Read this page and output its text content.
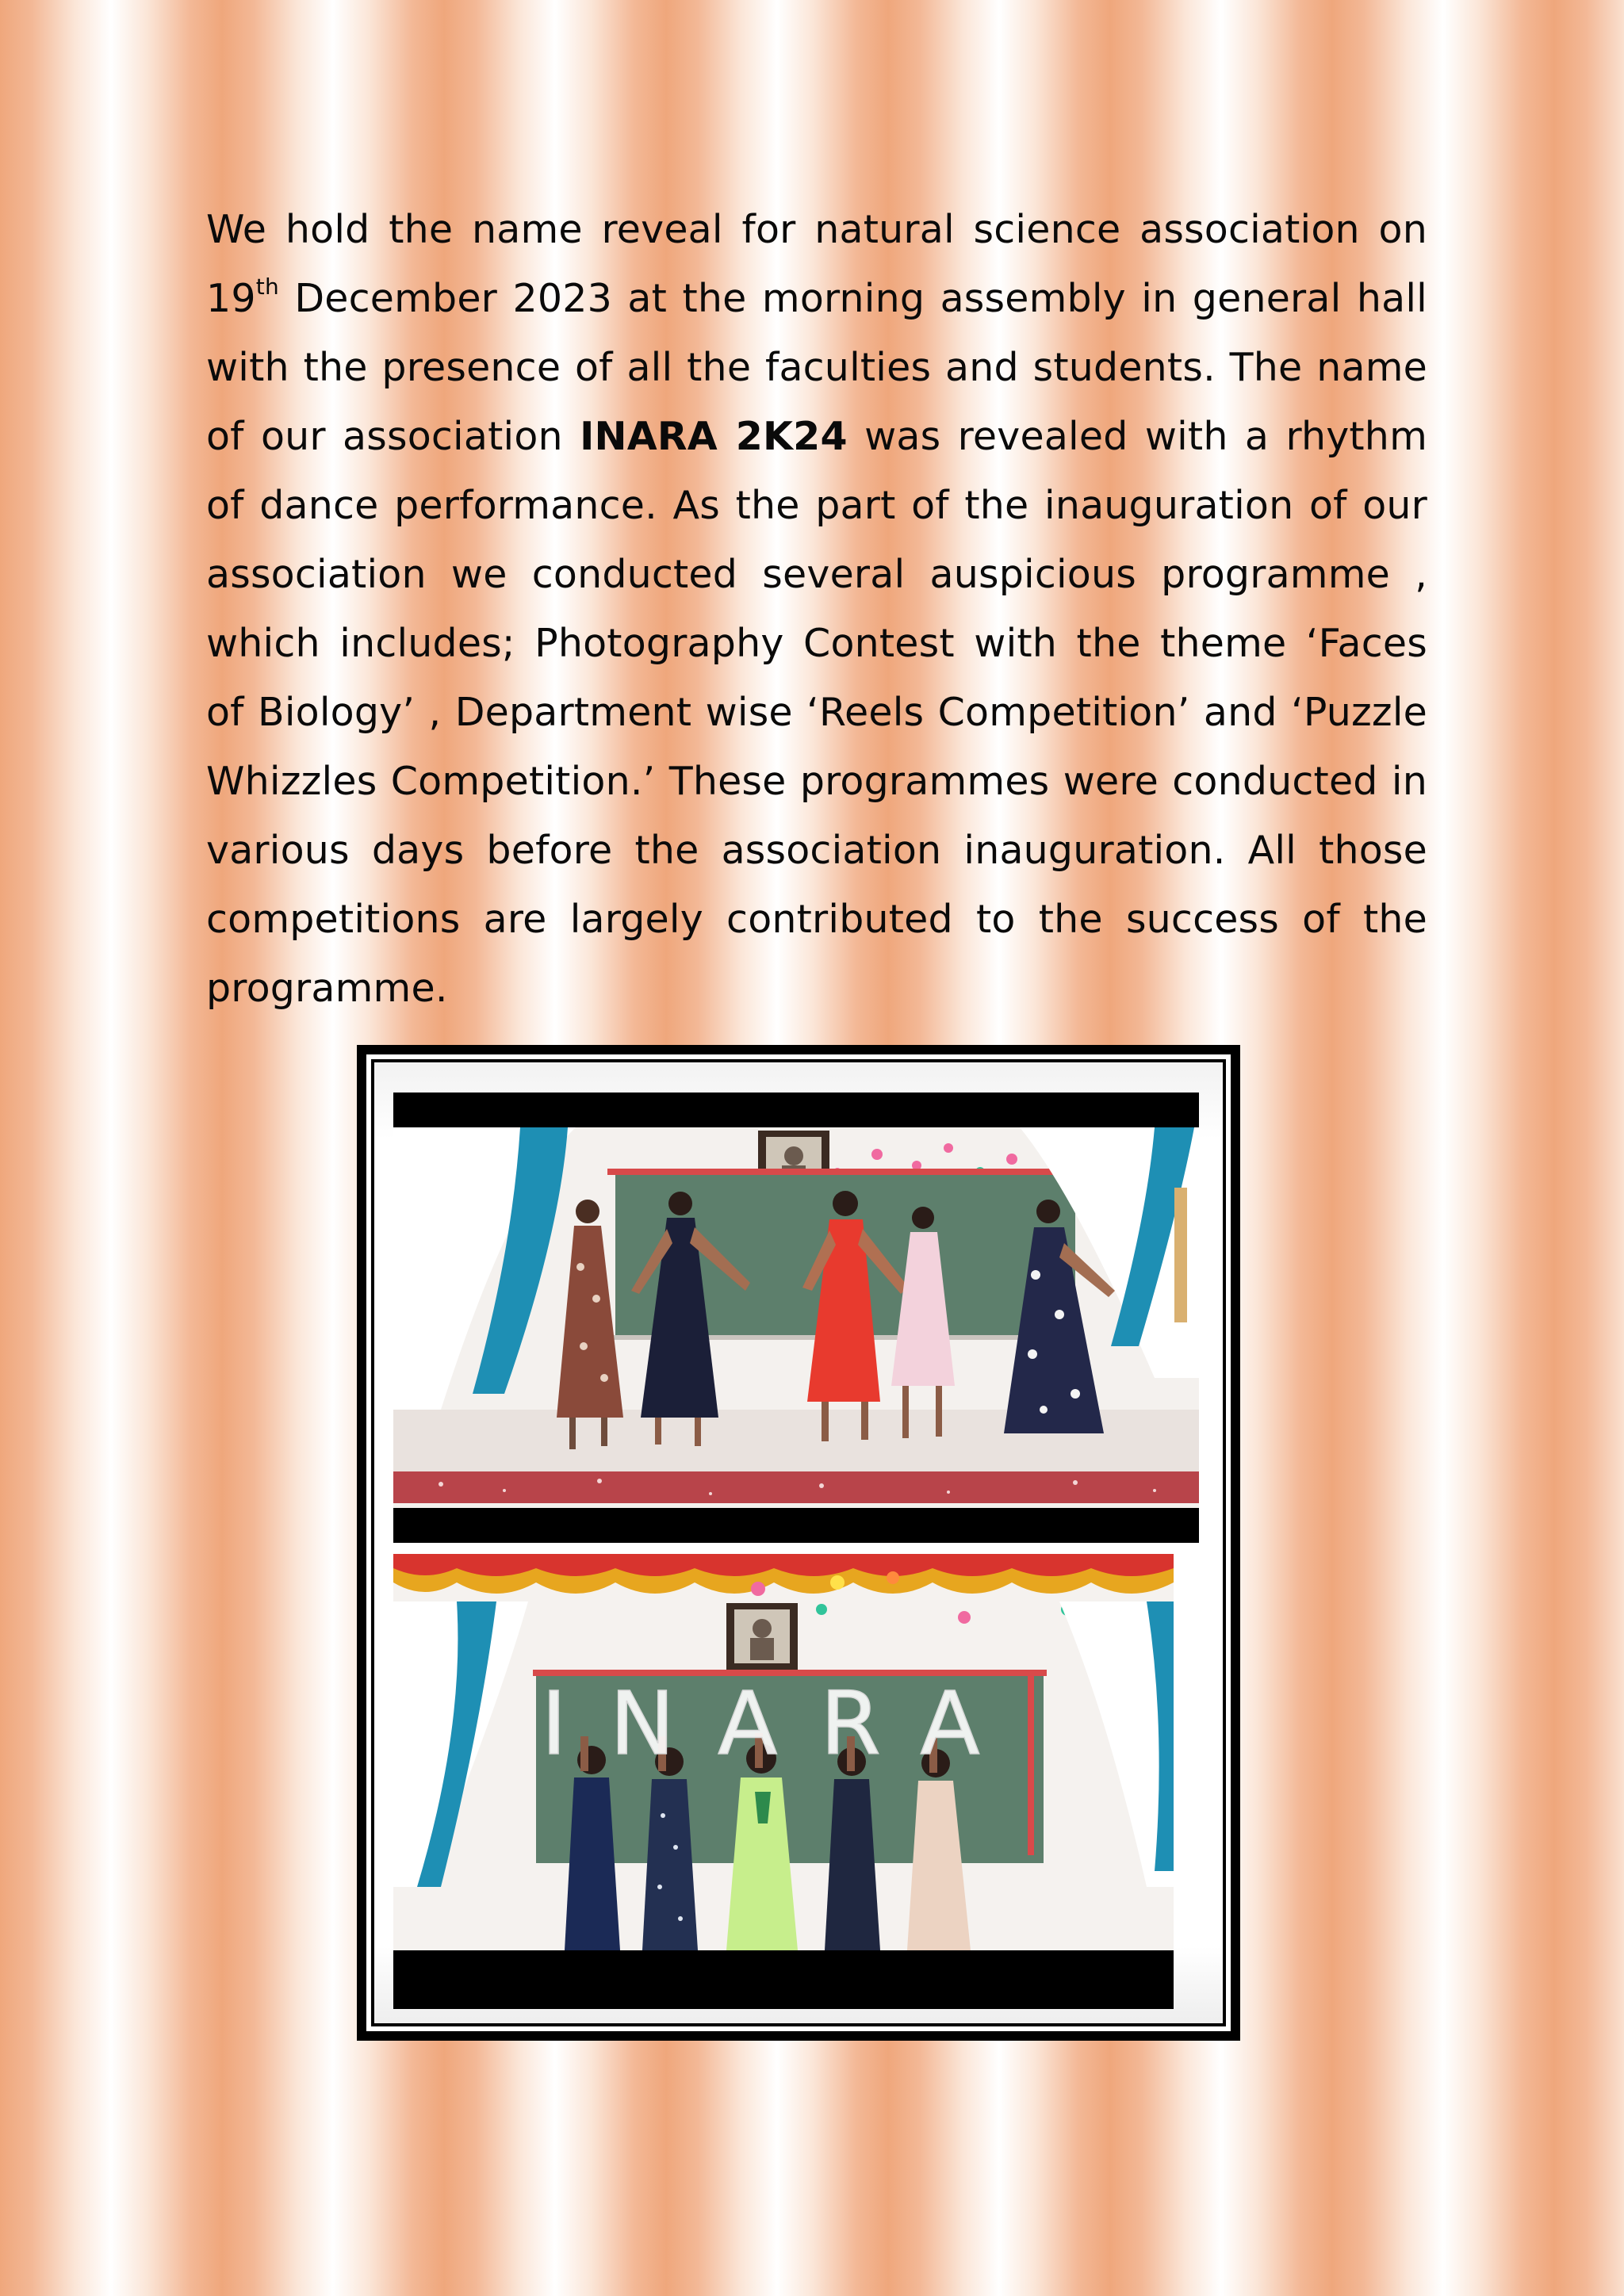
We hold the name reveal for natural science association on 19th December 2023 at the morning assembly in general hall with the presence of all the faculties and students. The name of our association INARA 2K24 was revealed with a rhythm of dance performance. As the part of the inauguration of our association we conducted several auspicious programme , which includes; Photography Contest with the theme ‘Faces of Biology’ , Department wise ‘Reels Competition’ and ‘Puzzle Whizzles Competition.’ These programmes were conducted in various days before the association inauguration. All those competitions are largely contributed to the success of the programme.

INARA
